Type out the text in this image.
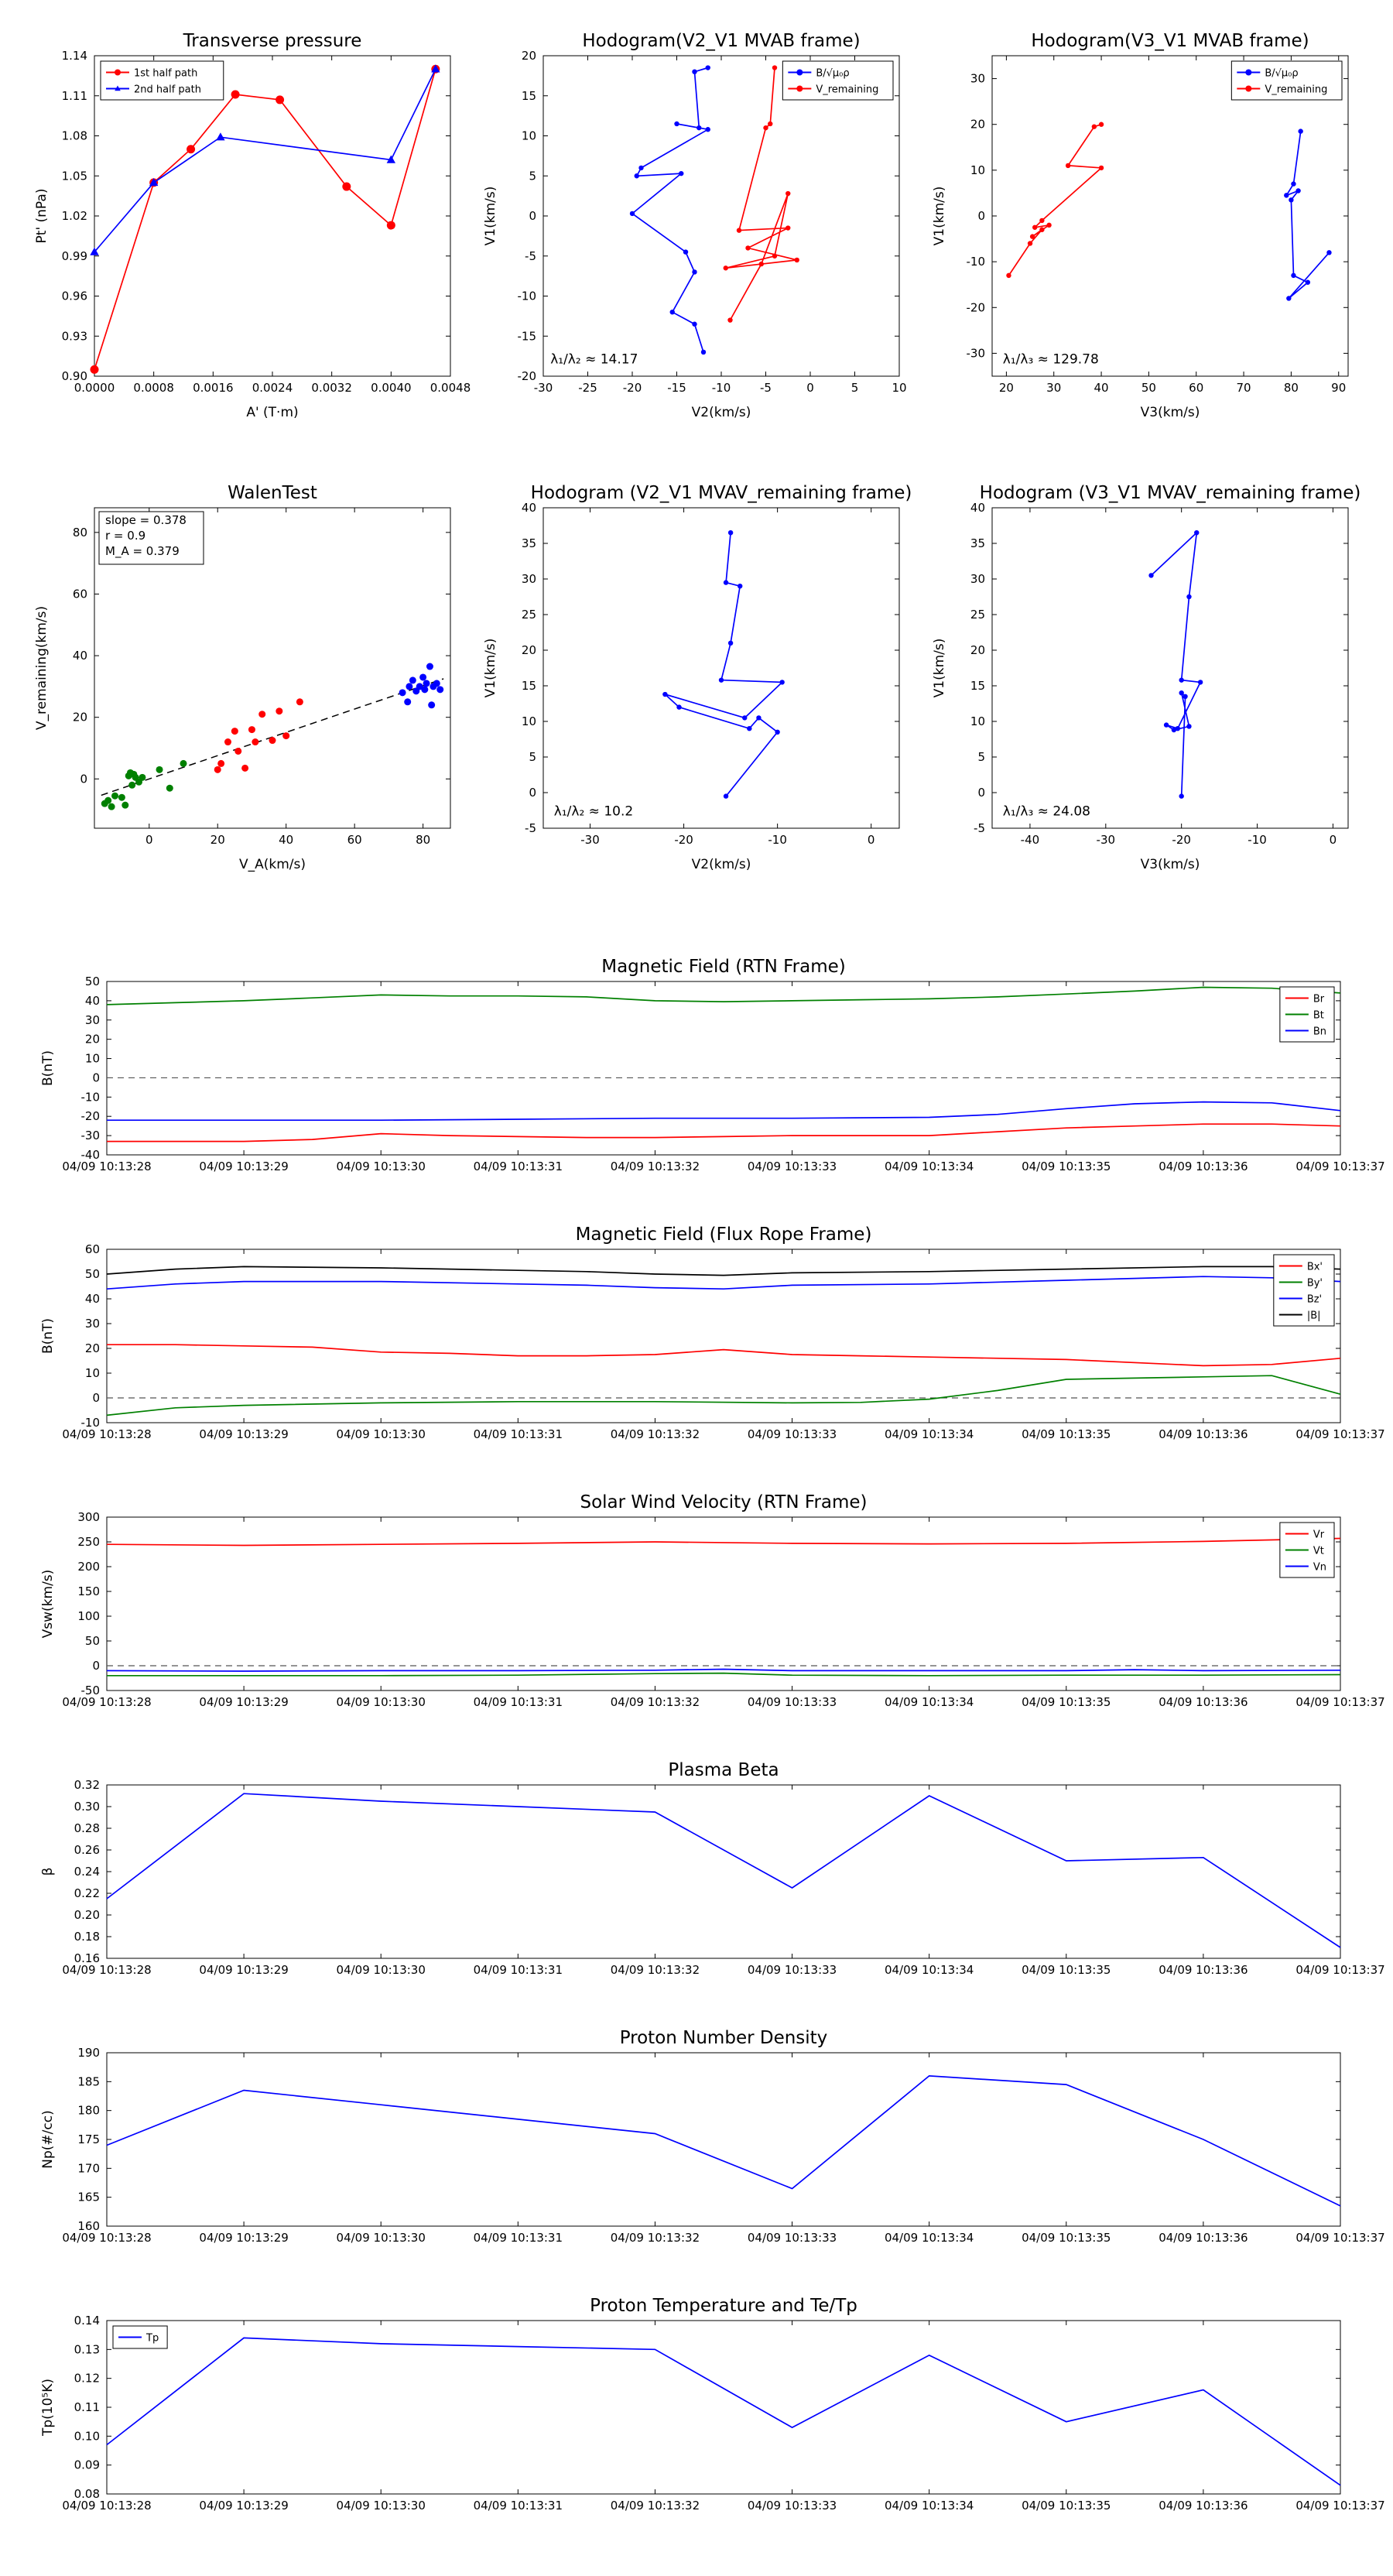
0.0000 0.0008 0.0016 0.0024 0.0032 0.0040 0.0048
0.90
0.93
0.96
0.99
1.02
1.05
1.08
1.11
1.14
Transverse pressure
A' (T·m)
Pt' (nPa)
1st half path
2nd half path
-30 -25 -20 -15 -10	-5	0	5	10
-20
-15
-10
-5
0
5
10
15
20
Hodogram(V2_V1 MVAB frame)
V2(km/s)
V1(km/s)
B/√μ₀ρ
V_remaining
λ₁/λ₂ ≈ 14.17
20	30	40	50	60	70	80	90
-30
-20
-10
0
10
20
30
Hodogram(V3_V1 MVAB frame)
V3(km/s)
V1(km/s)
B/√μ₀ρ
V_remaining
λ₁/λ₃ ≈ 129.78
0	20	40	60	80
0
20
40
60
80
WalenTest
V_A(km/s)
V_remaining(km/s)
slope = 0.378
r = 0.9
M_A = 0.379
-30	-20	-10	0
-5
0
5
10
15
20
25
30
35
40
Hodogram (V2_V1 MVAV_remaining frame)
V2(km/s)
V1(km/s)
λ₁/λ₂ ≈ 10.2
-40	-30	-20	-10	0
-5
0
5
10
15
20
25
30
35
40
Hodogram (V3_V1 MVAV_remaining frame)
V3(km/s)
V1(km/s)
λ₁/λ₃ ≈ 24.08
04/09 10:13:28	04/09 10:13:29	04/09 10:13:30	04/09 10:13:31	04/09 10:13:32	04/09 10:13:33	04/09 10:13:34	04/09 10:13:35	04/09 10:13:36	04/09 10:13:37
-40
-30
-20
-10
0
10
20
30
40
50
Magnetic Field (RTN Frame)
B(nT)
Br
Bt
Bn
04/09 10:13:28	04/09 10:13:29	04/09 10:13:30	04/09 10:13:31	04/09 10:13:32	04/09 10:13:33	04/09 10:13:34	04/09 10:13:35	04/09 10:13:36	04/09 10:13:37
-10
0
10
20
30
40
50
60
Magnetic Field (Flux Rope Frame)
B(nT)
Bx'
By'
Bz'
|B|
04/09 10:13:28	04/09 10:13:29	04/09 10:13:30	04/09 10:13:31	04/09 10:13:32	04/09 10:13:33	04/09 10:13:34	04/09 10:13:35	04/09 10:13:36	04/09 10:13:37
-50
0
50
100
150
200
250
300
Solar Wind Velocity (RTN Frame)
Vsw(km/s)
Vr
Vt
Vn
04/09 10:13:28	04/09 10:13:29	04/09 10:13:30	04/09 10:13:31	04/09 10:13:32	04/09 10:13:33	04/09 10:13:34	04/09 10:13:35	04/09 10:13:36	04/09 10:13:37
0.16
0.18
0.20
0.22
0.24
0.26
0.28
0.30
0.32
Plasma Beta
β
04/09 10:13:28	04/09 10:13:29	04/09 10:13:30	04/09 10:13:31	04/09 10:13:32	04/09 10:13:33	04/09 10:13:34	04/09 10:13:35	04/09 10:13:36	04/09 10:13:37
160
165
170
175
180
185
190
Proton Number Density
Np(#/cc)
04/09 10:13:28	04/09 10:13:29	04/09 10:13:30	04/09 10:13:31	04/09 10:13:32	04/09 10:13:33	04/09 10:13:34	04/09 10:13:35	04/09 10:13:36	04/09 10:13:37
0.08
0.09
0.10
0.11
0.12
0.13
0.14
Proton Temperature and Te/Tp
Tp(10⁵K)
Tp
